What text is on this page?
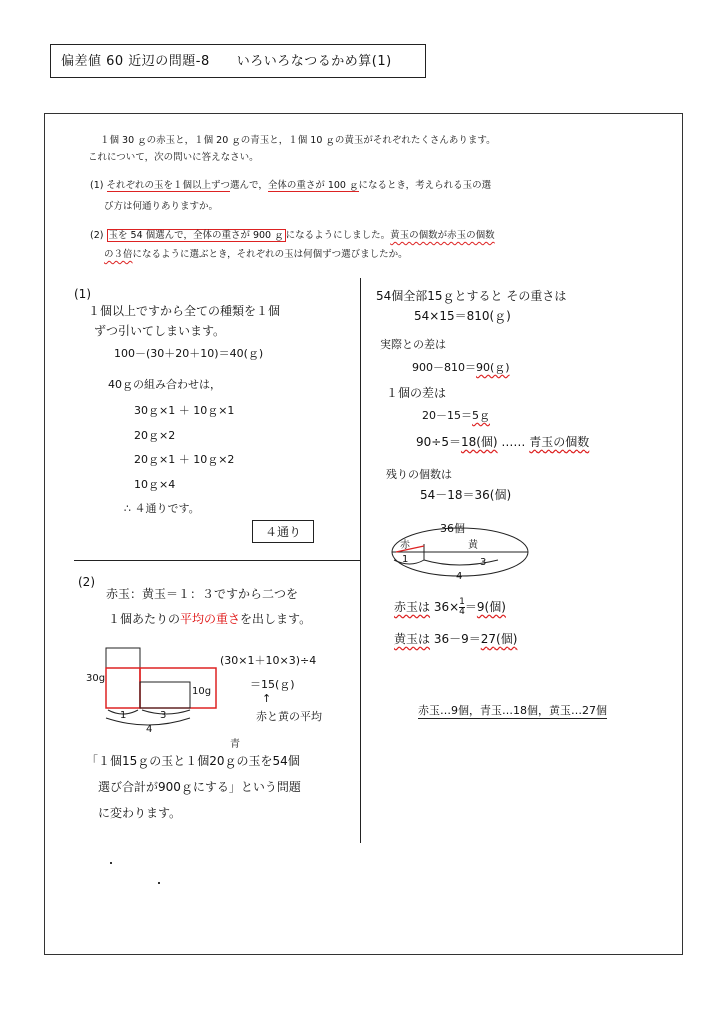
偏差値 60 近辺の問題-8　　いろいろなつるかめ算(1)
１個 30 ｇの赤玉と，１個 20 ｇの青玉と，１個 10 ｇの黄玉がそれぞれたくさんあります。
これについて，次の問いに答えなさい。
(1) それぞれの玉を１個以上ずつ選んで，全体の重さが 100 ｇになるとき，考えられる玉の選
び方は何通りありますか。
(2) 玉を 54 個選んで，全体の重さが 900 ｇ になるようにしました。黄玉の個数が赤玉の個数
の３倍になるように選ぶとき，それぞれの玉は何個ずつ選びましたか。
(1)
１個以上ですから全ての種類を１個
ずつ引いてしまいます。
100－(30＋20＋10)＝40(ｇ)
40ｇの組み合わせは，
30ｇ×1 ＋ 10ｇ×1
20ｇ×2
20ｇ×1 ＋ 10ｇ×2
10ｇ×4
∴ ４通りです。
４通り
(2)
赤玉：黄玉＝１：３ですから二つを
１個あたりの平均の重さを出します。
30g
10g
1	3
4
(30×1＋10×3)÷4
＝15(ｇ)
↑
赤と黄の平均
青
「１個15ｇの玉と１個20ｇの玉を54個
選び合計が900ｇにする」という問題
に変わります。
54個全部15ｇとすると その重さは
54×15＝810(ｇ)
実際との差は
900－810＝90(ｇ)
１個の差は
20－15＝5ｇ
90÷5＝18(個) …… 青玉の個数
残りの個数は
54－18＝36(個)
36個
赤	黄
1	3
4
赤玉は $36\times \frac{1}{4} =9$(個)
黄玉は 36－9＝27(個)
赤玉…9個，青玉…18個，黄玉…27個
